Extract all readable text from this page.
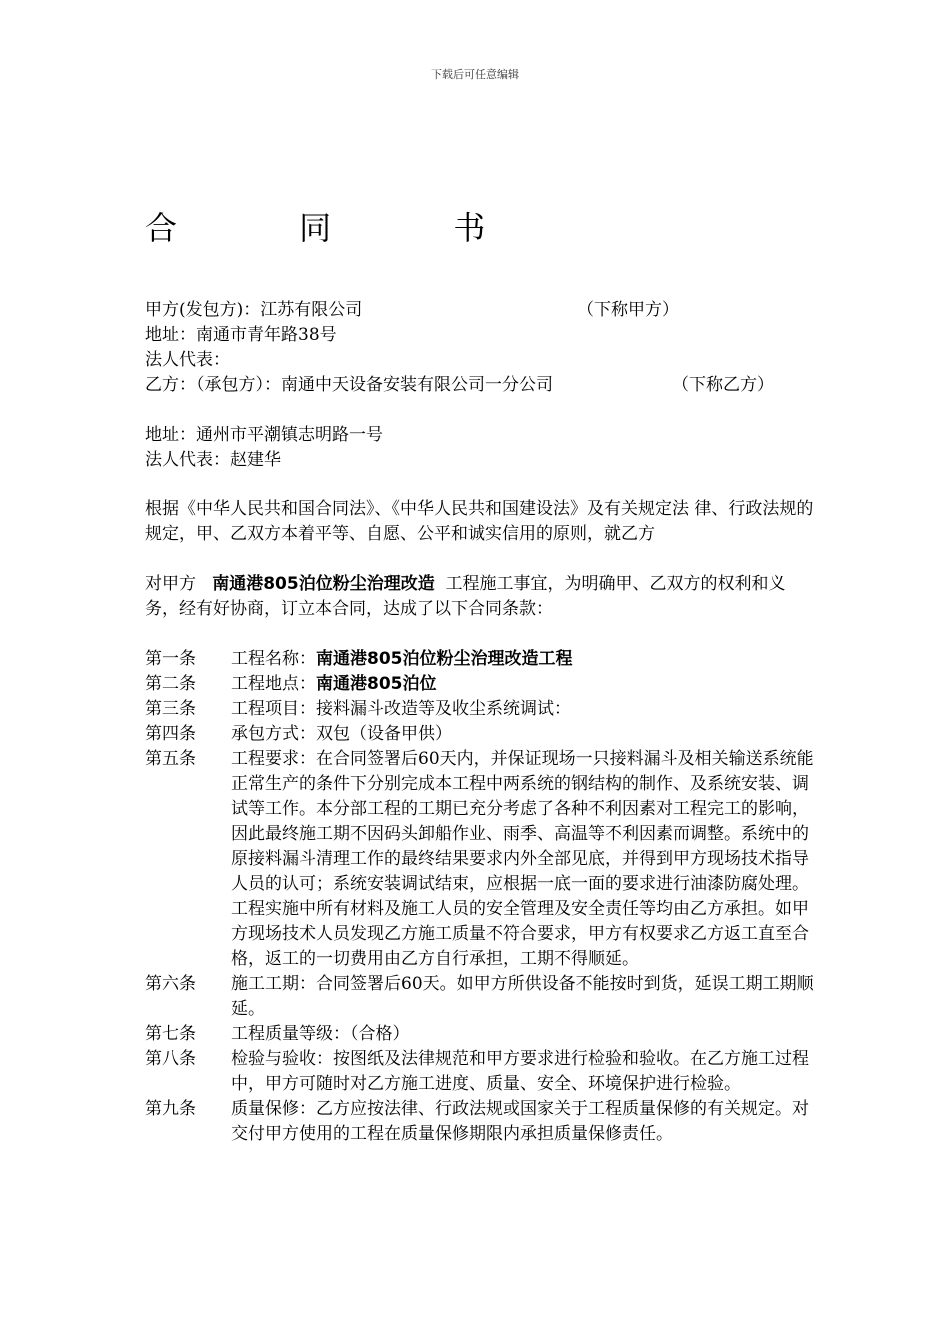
下载后可任意编辑
合 同 书
甲方(发包方)：江苏有限公司	（下称甲方）
地址：南通市青年路38号
法人代表：
乙方：（承包方）：南通中天设备安装有限公司一分公司	（下称乙方）
地址：通州市平潮镇志明路一号
法人代表：赵建华
根据《中华人民共和国合同法》、《中华人民共和国建设法》及有关规定法 律、行政法规的规定，甲、乙双方本着平等、自愿、公平和诚实信用的原则，就乙方
对甲方 南通港805泊位粉尘治理改造 工程施工事宜，为明确甲、乙双方的权利和义务，经有好协商，订立本合同，达成了以下合同条款：
第一条	工程名称：南通港805泊位粉尘治理改造工程
第二条	工程地点：南通港805泊位
第三条	工程项目：接料漏斗改造等及收尘系统调试：
第四条	承包方式：双包（设备甲供）
第五条	工程要求：在合同签署后60天内，并保证现场一只接料漏斗及相关输送系统能正常生产的条件下分别完成本工程中两系统的钢结构的制作、及系统安装、调试等工作。本分部工程的工期已充分考虑了各种不利因素对工程完工的影响，因此最终施工期不因码头卸船作业、雨季、高温等不利因素而调整。系统中的原接料漏斗清理工作的最终结果要求内外全部见底，并得到甲方现场技术指导人员的认可；系统安装调试结束，应根据一底一面的要求进行油漆防腐处理。

工程实施中所有材料及施工人员的安全管理及安全责任等均由乙方承担。如甲方现场技术人员发现乙方施工质量不符合要求，甲方有权要求乙方返工直至合格，返工的一切费用由乙方自行承担，工期不得顺延。

第六条	施工工期：合同签署后60天。如甲方所供设备不能按时到货，延误工期工期顺延。
第七条	工程质量等级：（合格）
第八条	检验与验收：按图纸及法律规范和甲方要求进行检验和验收。在乙方施工过程中，甲方可随时对乙方施工进度、质量、安全、环境保护进行检验。
第九条	质量保修：乙方应按法律、行政法规或国家关于工程质量保修的有关规定。对交付甲方使用的工程在质量保修期限内承担质量保修责任。
